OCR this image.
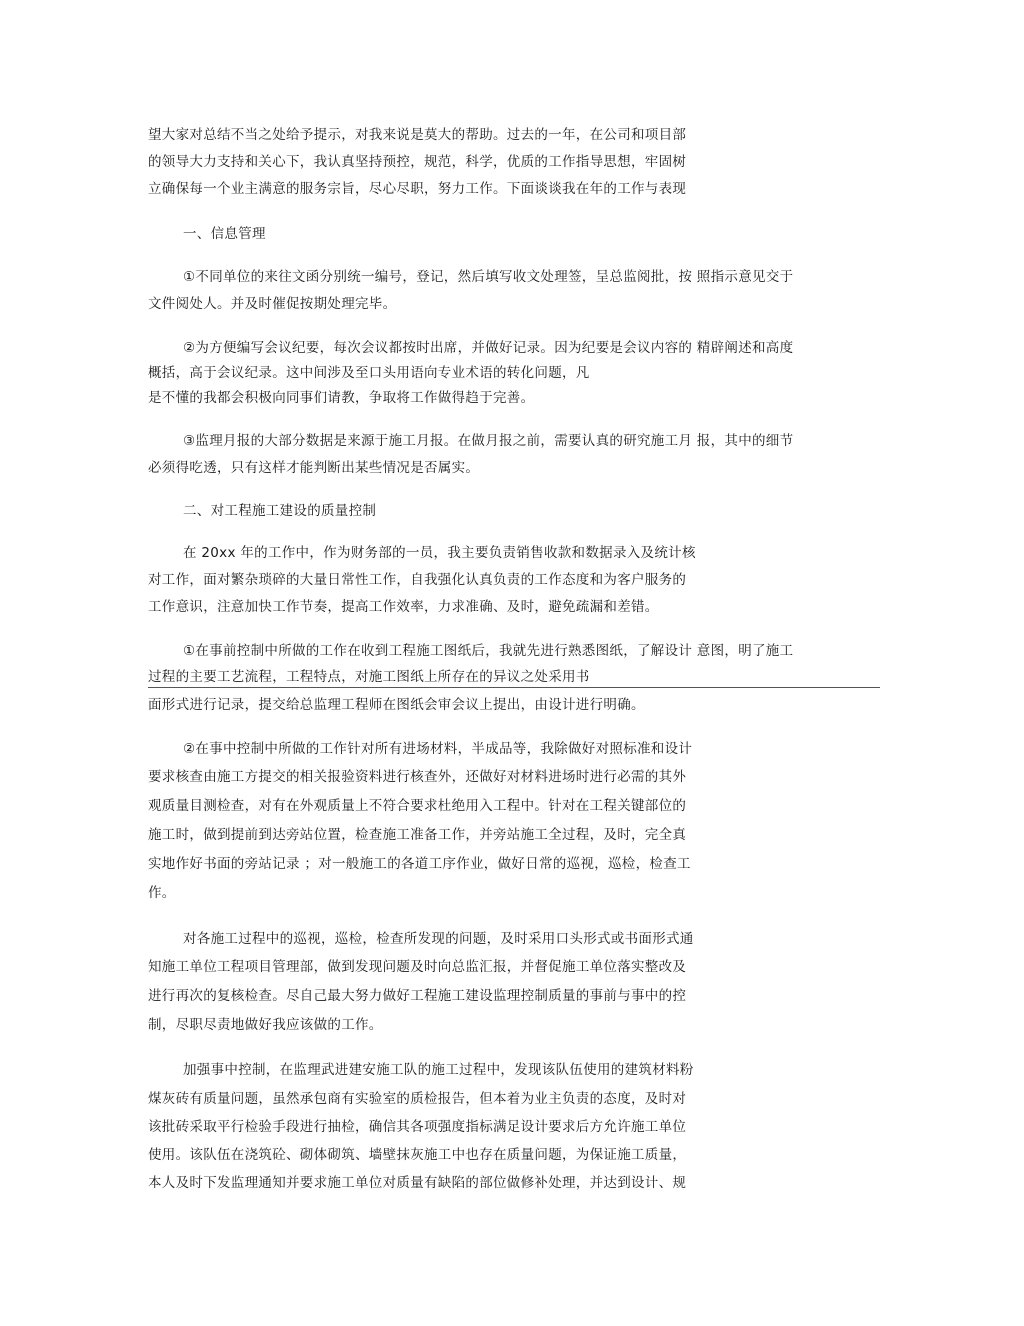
望大家对总结不当之处给予提示，对我来说是莫大的帮助。过去的一年，在公司和项目部
的领导大力支持和关心下，我认真坚持预控，规范，科学，优质的工作指导思想，牢固树
立确保每一个业主满意的服务宗旨，尽心尽职，努力工作。下面谈谈我在年的工作与表现
一、信息管理
①不同单位的来往文函分别统一编号，登记，然后填写收文处理签，呈总监阅批，按 照指示意见交于
文件阅处人。并及时催促按期处理完毕。
②为方便编写会议纪要，每次会议都按时出席，并做好记录。因为纪要是会议内容的 精辟阐述和高度
概括，高于会议纪录。这中间涉及至口头用语向专业术语的转化问题，凡
是不懂的我都会积极向同事们请教，争取将工作做得趋于完善。
③监理月报的大部分数据是来源于施工月报。在做月报之前，需要认真的研究施工月 报，其中的细节
必须得吃透，只有这样才能判断出某些情况是否属实。
二、对工程施工建设的质量控制
在 20xx 年的工作中，作为财务部的一员，我主要负责销售收款和数据录入及统计核
对工作，面对繁杂琐碎的大量日常性工作，自我强化认真负责的工作态度和为客户服务的
工作意识，注意加快工作节奏，提高工作效率，力求准确、及时，避免疏漏和差错。
①在事前控制中所做的工作在收到工程施工图纸后，我就先进行熟悉图纸，了解设计 意图，明了施工
过程的主要工艺流程，工程特点，对施工图纸上所存在的异议之处采用书
面形式进行记录，提交给总监理工程师在图纸会审会议上提出，由设计进行明确。
②在事中控制中所做的工作针对所有进场材料，半成品等，我除做好对照标准和设计
要求核查由施工方提交的相关报验资料进行核查外，还做好对材料进场时进行必需的其外
观质量目测检查，对有在外观质量上不符合要求杜绝用入工程中。针对在工程关键部位的
施工时，做到提前到达旁站位置，检查施工准备工作，并旁站施工全过程，及时，完全真
实地作好书面的旁站记录 ；对一般施工的各道工序作业，做好日常的巡视，巡检，检查工
作。
对各施工过程中的巡视，巡检，检查所发现的问题，及时采用口头形式或书面形式通
知施工单位工程项目管理部，做到发现问题及时向总监汇报，并督促施工单位落实整改及
进行再次的复核检查。尽自己最大努力做好工程施工建设监理控制质量的事前与事中的控
制，尽职尽责地做好我应该做的工作。
加强事中控制，在监理武进建安施工队的施工过程中，发现该队伍使用的建筑材料粉
煤灰砖有质量问题，虽然承包商有实验室的质检报告，但本着为业主负责的态度，及时对
该批砖采取平行检验手段进行抽检，确信其各项强度指标满足设计要求后方允许施工单位
使用。该队伍在浇筑砼、砌体砌筑、墙壁抹灰施工中也存在质量问题，为保证施工质量，
本人及时下发监理通知并要求施工单位对质量有缺陷的部位做修补处理，并达到设计、规
